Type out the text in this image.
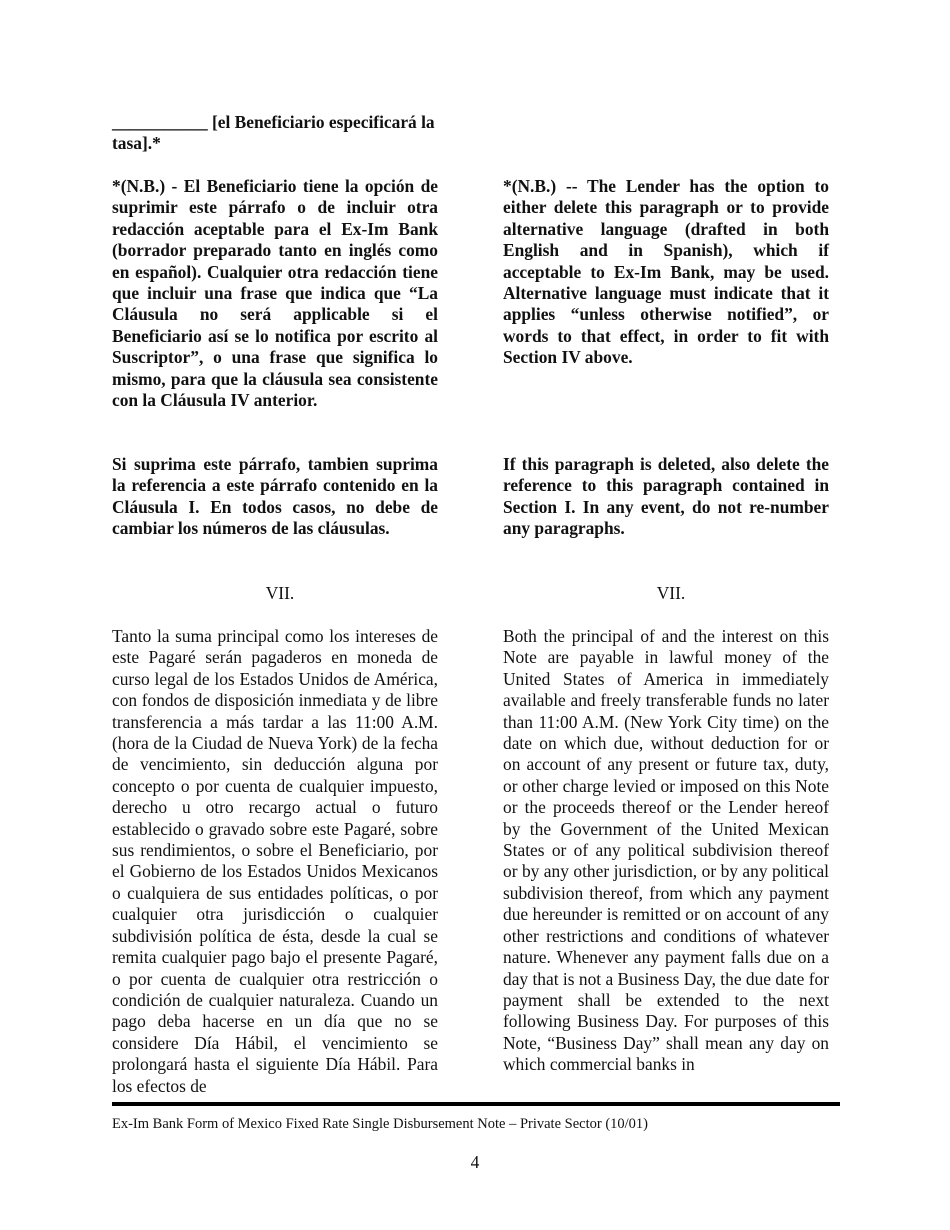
___________ [el Beneficiario especificará la tasa].*

*(N.B.) - El Beneficiario tiene la opción de suprimir este párrafo o de incluir otra redacción aceptable para el Ex-Im Bank (borrador preparado tanto en inglés como en español). Cualquier otra redacción tiene que incluir una frase que indica que “La Cláusula no será applicable si el Beneficiario así se lo notifica por escrito al Suscriptor”, o una frase que significa lo mismo, para que la cláusula sea consistente con la Cláusula IV anterior.

Si suprima este párrafo, tambien suprima la referencia a este párrafo contenido en la Cláusula I. En todos casos, no debe de cambiar los números de las cláusulas.

VII.

Tanto la suma principal como los intereses de este Pagaré serán pagaderos en moneda de curso legal de los Estados Unidos de América, con fondos de disposición inmediata y de libre transferencia a más tardar a las 11:00 A.M. (hora de la Ciudad de Nueva York) de la fecha de vencimiento, sin deducción alguna por concepto o por cuenta de cualquier impuesto, derecho u otro recargo actual o futuro establecido o gravado sobre este Pagaré, sobre sus rendimientos, o sobre el Beneficiario, por el Gobierno de los Estados Unidos Mexicanos o cualquiera de sus entidades políticas, o por cualquier otra jurisdicción o cualquier subdivisión política de ésta, desde la cual se remita cualquier pago bajo el presente Pagaré, o por cuenta de cualquier otra restricción o condición de cualquier naturaleza. Cuando un pago deba hacerse en un día que no se considere Día Hábil, el vencimiento se prolongará hasta el siguiente Día Hábil. Para los efectos de

*(N.B.) -- The Lender has the option to either delete this paragraph or to provide alternative language (drafted in both English and in Spanish), which if acceptable to Ex-Im Bank, may be used. Alternative language must indicate that it applies “unless otherwise notified”, or words to that effect, in order to fit with Section IV above.

If this paragraph is deleted, also delete the reference to this paragraph contained in Section I. In any event, do not re-number any paragraphs.

VII.

Both the principal of and the interest on this Note are payable in lawful money of the United States of America in immediately available and freely transferable funds no later than 11:00 A.M. (New York City time) on the date on which due, without deduction for or on account of any present or future tax, duty, or other charge levied or imposed on this Note or the proceeds thereof or the Lender hereof by the Government of the United Mexican States or of any political subdivision thereof or by any other jurisdiction, or by any political subdivision thereof, from which any payment due hereunder is remitted or on account of any other restrictions and conditions of whatever nature. Whenever any payment falls due on a day that is not a Business Day, the due date for payment shall be extended to the next following Business Day. For purposes of this Note, “Business Day” shall mean any day on which commercial banks in

Ex-Im Bank Form of Mexico Fixed Rate Single Disbursement Note – Private Sector (10/01)
4
